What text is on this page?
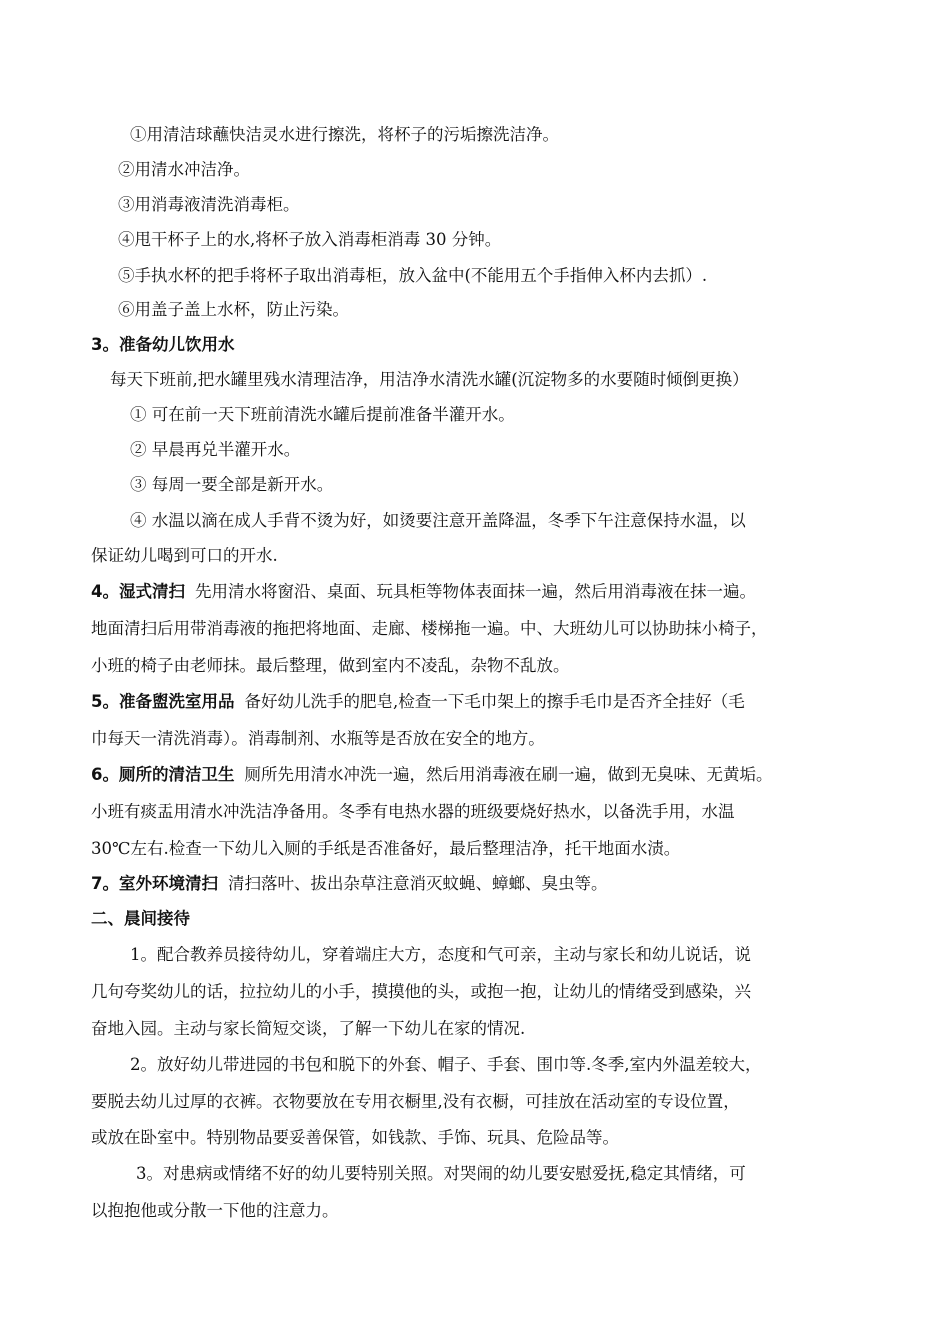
①用清洁球蘸快洁灵水进行擦洗，将杯子的污垢擦洗洁净。
②用清水冲洁净。
③用消毒液清洗消毒柜。
④甩干杯子上的水,将杯子放入消毒柜消毒 30 分钟。
⑤手执水杯的把手将杯子取出消毒柜，放入盆中(不能用五个手指伸入杯内去抓）.
⑥用盖子盖上水杯，防止污染。
3。准备幼儿饮用水
每天下班前,把水罐里残水清理洁净，用洁净水清洗水罐(沉淀物多的水要随时倾倒更换）
① 可在前一天下班前清洗水罐后提前准备半灌开水。
② 早晨再兑半灌开水。
③ 每周一要全部是新开水。
④ 水温以滴在成人手背不烫为好，如烫要注意开盖降温，冬季下午注意保持水温，以
保证幼儿喝到可口的开水.
4。湿式清扫 先用清水将窗沿、桌面、玩具柜等物体表面抹一遍，然后用消毒液在抹一遍。
地面清扫后用带消毒液的拖把将地面、走廊、楼梯拖一遍。中、大班幼儿可以协助抹小椅子，
小班的椅子由老师抹。最后整理，做到室内不凌乱，杂物不乱放。
5。准备盥洗室用品 备好幼儿洗手的肥皂,检查一下毛巾架上的擦手毛巾是否齐全挂好（毛
巾每天一清洗消毒）。消毒制剂、水瓶等是否放在安全的地方。
6。厕所的清洁卫生 厕所先用清水冲洗一遍，然后用消毒液在刷一遍，做到无臭味、无黄垢。
小班有痰盂用清水冲洗洁净备用。冬季有电热水器的班级要烧好热水，以备洗手用，水温
30℃左右.检查一下幼儿入厕的手纸是否准备好，最后整理洁净，托干地面水渍。
7。室外环境清扫 清扫落叶、拔出杂草注意消灭蚊蝇、蟑螂、臭虫等。
二、晨间接待
1。配合教养员接待幼儿，穿着端庄大方，态度和气可亲，主动与家长和幼儿说话，说
几句夸奖幼儿的话，拉拉幼儿的小手，摸摸他的头，或抱一抱，让幼儿的情绪受到感染，兴
奋地入园。主动与家长简短交谈，了解一下幼儿在家的情况.
2。放好幼儿带进园的书包和脱下的外套、帽子、手套、围巾等.冬季,室内外温差较大，
要脱去幼儿过厚的衣裤。衣物要放在专用衣橱里,没有衣橱，可挂放在活动室的专设位置，
或放在卧室中。特别物品要妥善保管，如钱款、手饰、玩具、危险品等。
3。对患病或情绪不好的幼儿要特别关照。对哭闹的幼儿要安慰爱抚,稳定其情绪，可
以抱抱他或分散一下他的注意力。
